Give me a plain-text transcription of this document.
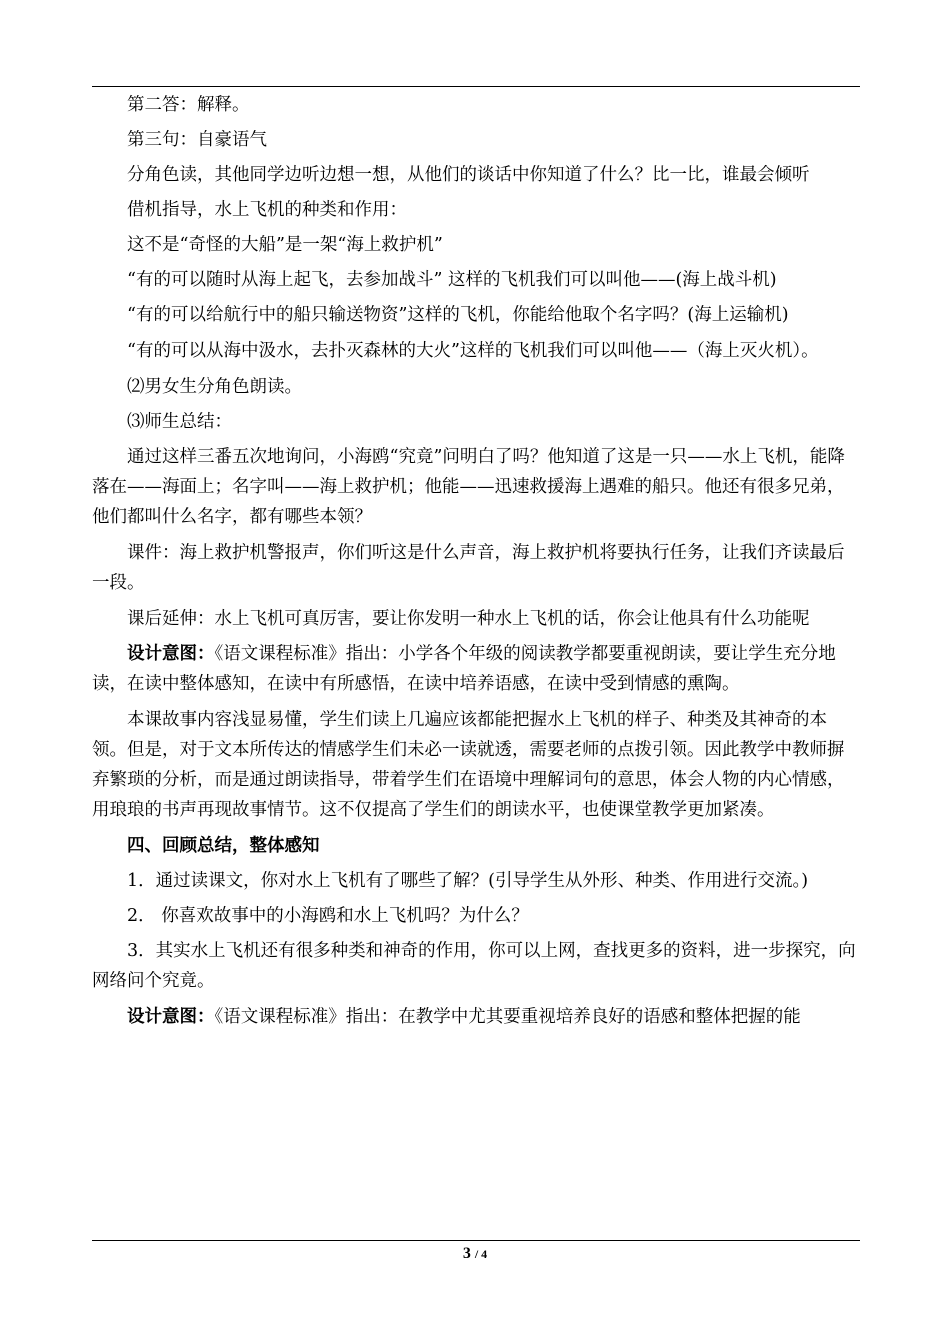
第二答：解释。

第三句：自豪语气

分角色读，其他同学边听边想一想，从他们的谈话中你知道了什么？比一比，谁最会倾听

借机指导，水上飞机的种类和作用：

这不是“奇怪的大船”是一架“海上救护机”

“有的可以随时从海上起飞，去参加战斗” 这样的飞机我们可以叫他——(海上战斗机)

“有的可以给航行中的船只输送物资”这样的飞机，你能给他取个名字吗？(海上运输机)

“有的可以从海中汲水，去扑灭森林的大火”这样的飞机我们可以叫他——（海上灭火机）。

⑵男女生分角色朗读。

⑶师生总结：

通过这样三番五次地询问，小海鸥“究竟”问明白了吗？他知道了这是一只——水上飞机，能降落在——海面上；名字叫——海上救护机；他能——迅速救援海上遇难的船只。他还有很多兄弟，他们都叫什么名字，都有哪些本领？

课件：海上救护机警报声，你们听这是什么声音，海上救护机将要执行任务，让我们齐读最后一段。

课后延伸：水上飞机可真厉害，要让你发明一种水上飞机的话，你会让他具有什么功能呢

设计意图：《语文课程标准》指出：小学各个年级的阅读教学都要重视朗读，要让学生充分地读，在读中整体感知，在读中有所感悟，在读中培养语感，在读中受到情感的熏陶。

本课故事内容浅显易懂，学生们读上几遍应该都能把握水上飞机的样子、种类及其神奇的本领。但是，对于文本所传达的情感学生们未必一读就透，需要老师的点拨引领。因此教学中教师摒弃繁琐的分析，而是通过朗读指导，带着学生们在语境中理解词句的意思，体会人物的内心情感，用琅琅的书声再现故事情节。这不仅提高了学生们的朗读水平，也使课堂教学更加紧凑。

四、回顾总结，整体感知

1．通过读课文，你对水上飞机有了哪些了解？(引导学生从外形、种类、作用进行交流。)

2． 你喜欢故事中的小海鸥和水上飞机吗？为什么？

3．其实水上飞机还有很多种类和神奇的作用，你可以上网，查找更多的资料，进一步探究，向网络问个究竟。

设计意图：《语文课程标准》指出：在教学中尤其要重视培养良好的语感和整体把握的能

3 / 4
